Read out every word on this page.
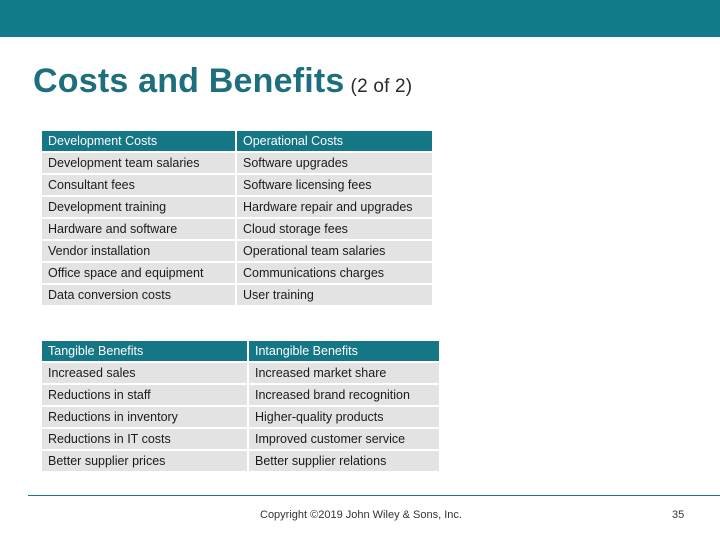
Costs and Benefits (2 of 2)
Development Costs	Operational Costs
Development team salaries	Software upgrades
Consultant fees	Software licensing fees
Development training	Hardware repair and upgrades
Hardware and software	Cloud storage fees
Vendor installation	Operational team salaries
Office space and equipment	Communications charges
Data conversion costs	User training
Tangible Benefits	Intangible Benefits
Increased sales	Increased market share
Reductions in staff	Increased brand recognition
Reductions in inventory	Higher-quality products
Reductions in IT costs	Improved customer service
Better supplier prices	Better supplier relations
Copyright ©2019 John Wiley & Sons, Inc.	35
